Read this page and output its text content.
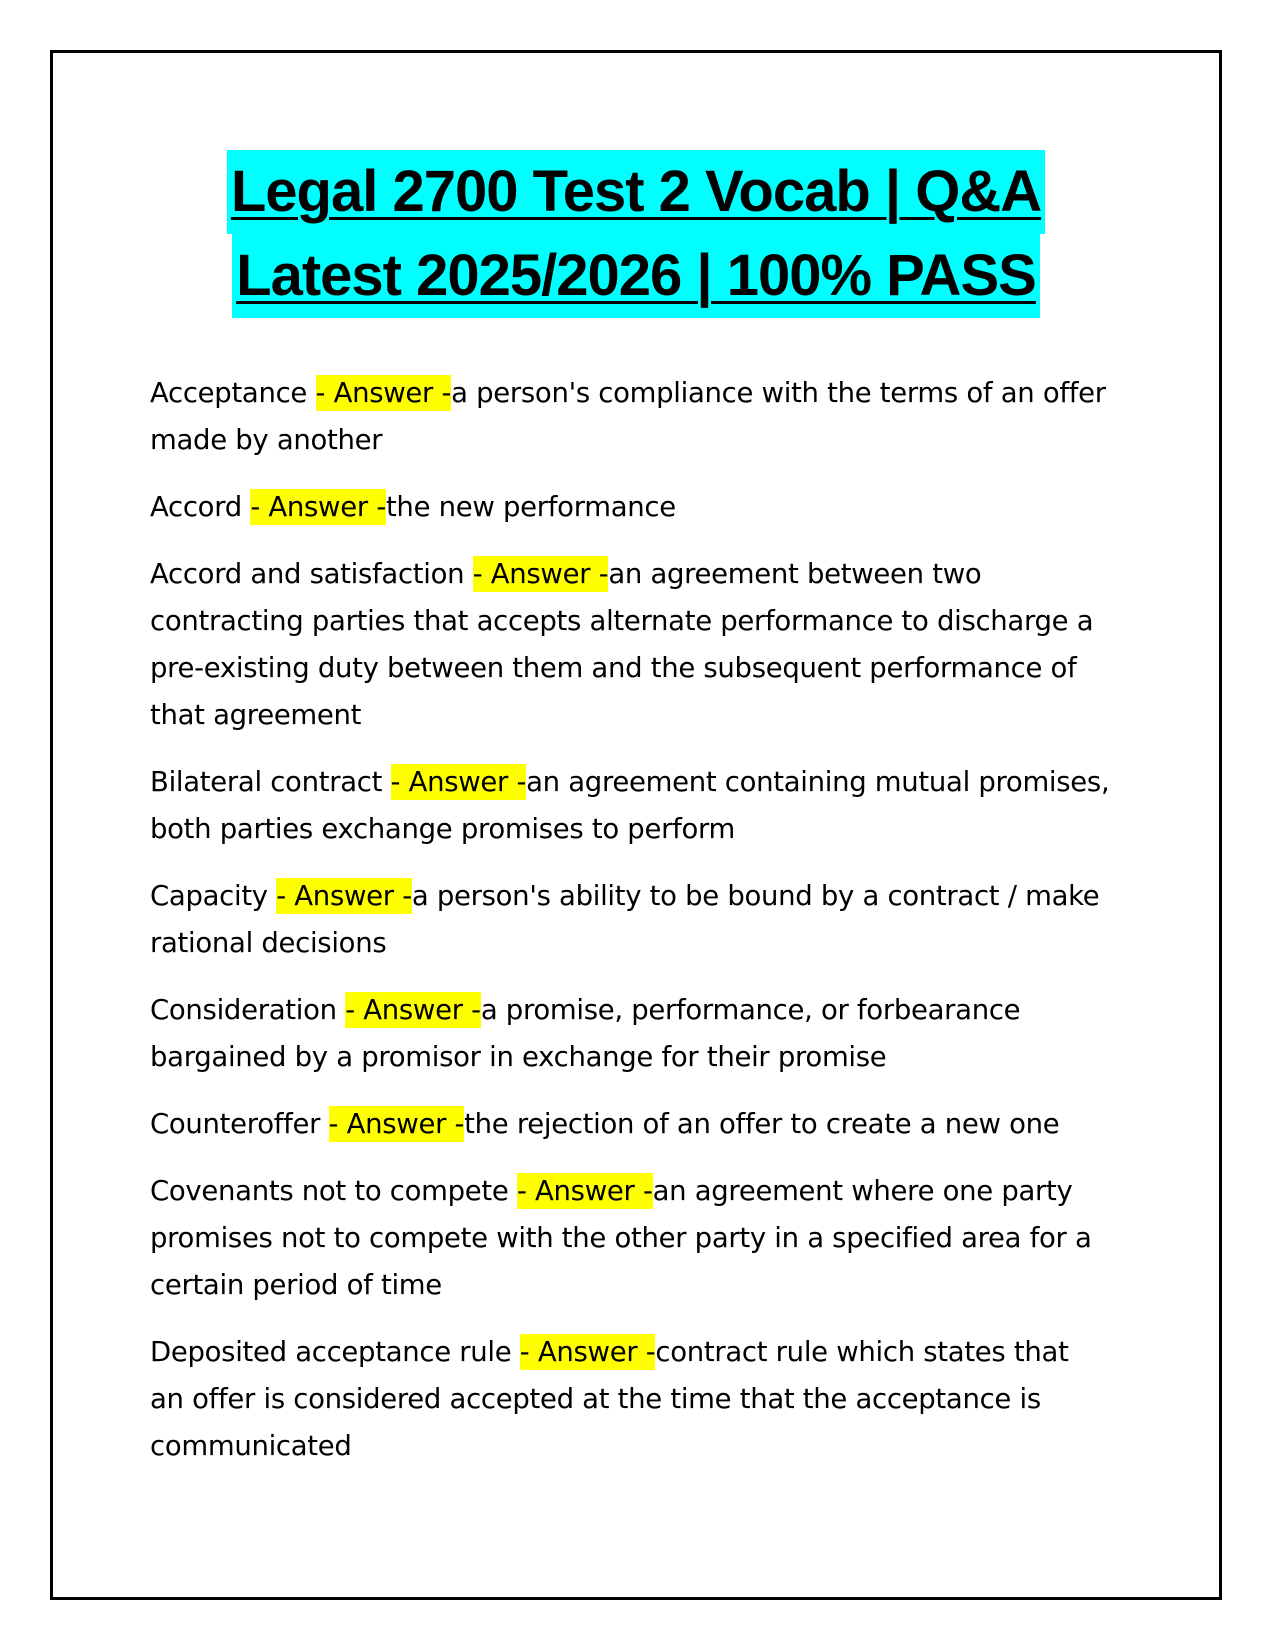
Legal 2700 Test 2 Vocab | Q&A
Latest 2025/2026 | 100% PASS

Acceptance - Answer -a person's compliance with the terms of an offer made by another

Accord - Answer -the new performance

Accord and satisfaction - Answer -an agreement between two contracting parties that accepts alternate performance to discharge a pre-existing duty between them and the subsequent performance of that agreement

Bilateral contract - Answer -an agreement containing mutual promises, both parties exchange promises to perform

Capacity - Answer -a person's ability to be bound by a contract / make rational decisions

Consideration - Answer -a promise, performance, or forbearance bargained by a promisor in exchange for their promise

Counteroffer - Answer -the rejection of an offer to create a new one

Covenants not to compete - Answer -an agreement where one party promises not to compete with the other party in a specified area for a certain period of time

Deposited acceptance rule - Answer -contract rule which states that an offer is considered accepted at the time that the acceptance is communicated
